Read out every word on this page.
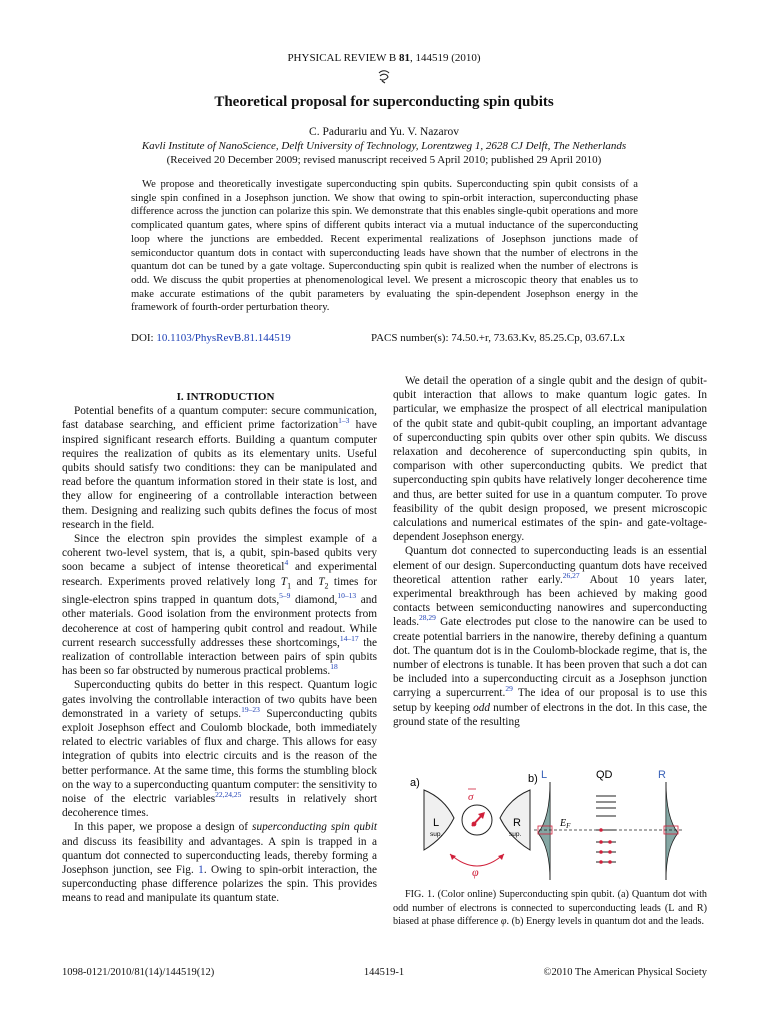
PHYSICAL REVIEW B 81, 144519 (2010)
Theoretical proposal for superconducting spin qubits
C. Padurariu and Yu. V. Nazarov
Kavli Institute of NanoScience, Delft University of Technology, Lorentzweg 1, 2628 CJ Delft, The Netherlands
(Received 20 December 2009; revised manuscript received 5 April 2010; published 29 April 2010)
We propose and theoretically investigate superconducting spin qubits. Superconducting spin qubit consists of a single spin confined in a Josephson junction. We show that owing to spin-orbit interaction, superconducting phase difference across the junction can polarize this spin. We demonstrate that this enables single-qubit operations and more complicated quantum gates, where spins of different qubits interact via a mutual inductance of the superconducting loop where the junctions are embedded. Recent experimental realizations of Josephson junctions made of semiconductor quantum dots in contact with superconducting leads have shown that the number of electrons in the quantum dot can be tuned by a gate voltage. Superconducting spin qubit is realized when the number of electrons is odd. We discuss the qubit properties at phenomenological level. We present a microscopic theory that enables us to make accurate estimations of the qubit parameters by evaluating the spin-dependent Josephson energy in the framework of fourth-order perturbation theory.
DOI: 10.1103/PhysRevB.81.144519	PACS number(s): 74.50.+r, 73.63.Kv, 85.25.Cp, 03.67.Lx

I. INTRODUCTION

Potential benefits of a quantum computer: secure communication, fast database searching, and efficient prime factorization$^{1-3}$ have inspired significant research efforts. Building a quantum computer requires the realization of qubits as its elementary units. Useful qubits should satisfy two conditions: they can be manipulated and read before the quantum information stored in their state is lost, and they allow for engineering of a controllable interaction between them. Designing and realizing such qubits defines the focus of most research in the field.

Since the electron spin provides the simplest example of a coherent two-level system, that is, a qubit, spin-based qubits very soon became a subject of intense theoretical$^4$ and experimental research. Experiments proved relatively long $T_1$ and $T_2$ times for single-electron spins trapped in quantum dots,$^{5-9}$ diamond,$^{10-13}$ and other materials. Good isolation from the environment protects from decoherence at cost of hampering qubit control and readout. While current research successfully addresses these shortcomings,$^{14-17}$ the realization of controllable interaction between pairs of spin qubits has been so far obstructed by numerous practical problems.$^{18}$

Superconducting qubits do better in this respect. Quantum logic gates involving the controllable interaction of two qubits have been demonstrated in a variety of setups.$^{19-23}$ Superconducting qubits exploit Josephson effect and Coulomb blockade, both immediately related to electric variables of flux and charge. This allows for easy integration of qubits into electric circuits and is the reason of the better performance. At the same time, this forms the stumbling block on the way to a superconducting quantum computer: the sensitivity to noise of the electric variables$^{22,24,25}$ results in relatively short decoherence times.

In this paper, we propose a design of superconducting spin qubit and discuss its feasibility and advantages. A spin is trapped in a quantum dot connected to superconducting leads, thereby forming a Josephson junction, see Fig. 1. Owing to spin-orbit interaction, the superconducting phase difference polarizes the spin. This provides means to read and manipulate its quantum state.

We detail the operation of a single qubit and the design of qubit-qubit interaction that allows to make quantum logic gates. In particular, we emphasize the prospect of all electrical manipulation of the qubit state and qubit-qubit coupling, an important advantage of superconducting spin qubits over other spin qubits. We discuss relaxation and decoherence of superconducting spin qubits, in comparison with other superconducting qubits. We predict that superconducting spin qubits have relatively longer decoherence time and thus, are better suited for use in a quantum computer. To prove feasibility of the qubit design proposed, we present microscopic calculations and numerical estimates of the spin- and gate-voltage-dependent Josephson energy.

Quantum dot connected to superconducting leads is an essential element of our design. Superconducting quantum dots have received theoretical attention rather early.$^{26,27}$ About 10 years later, experimental breakthrough has been achieved by making good contacts between semiconducting nanowires and superconducting leads.$^{28,29}$ Gate electrodes put close to the nanowire can be used to create potential barriers in the nanowire, thereby defining a quantum dot. The quantum dot is in the Coulomb-blockade regime, that is, the number of electrons is tunable. It has been proven that such a dot can be included into a superconducting circuit as a Josephson junction carrying a supercurrent.$^{29}$ The idea of our proposal is to use this setup by keeping odd number of electrons in the dot. In this case, the ground state of the resulting

a)
L
sup.
R
sup.
σ
φ
b) L	QD	R
$E_F$
FIG. 1. (Color online) Superconducting spin qubit. (a) Quantum dot with odd number of electrons is connected to superconducting leads (L and R) biased at phase difference φ. (b) Energy levels in quantum dot and the leads.
1098-0121/2010/81(14)/144519(12)	144519-1	©2010 The American Physical Society
